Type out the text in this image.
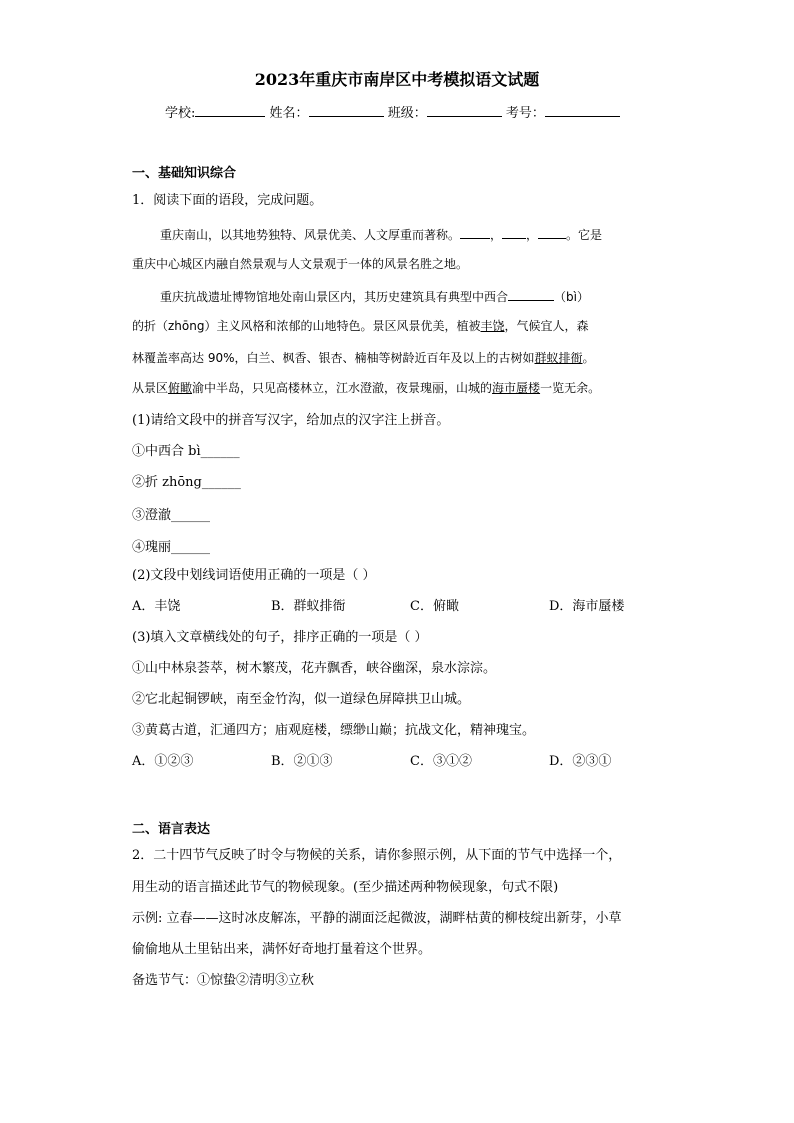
2023年重庆市南岸区中考模拟语文试题
学校:	姓名：	班级：	考号：
一、基础知识综合
1．阅读下面的语段，完成问题。
重庆南山，以其地势独特、风景优美、人文厚重而著称。	， ， 。它是
重庆中心城区内融自然景观与人文景观于一体的风景名胜之地。
重庆抗战遗址博物馆地处南山景区内，其历史建筑具有典型中西合	（bì）
的折（zhōng）主义风格和浓郁的山地特色。景区风景优美，植被丰饶，气候宜人，森
林覆盖率高达 90%，白兰、枫香、银杏、楠柚等树龄近百年及以上的古树如群蚁排衙。
从景区俯瞰渝中半岛，只见高楼林立，江水澄澈，夜景瑰丽，山城的海市蜃楼一览无余。
(1)请给文段中的拼音写汉字，给加点的汉字注上拼音。
①中西合 bì______
②折 zhōng______
③澄澈______
④瑰丽______
(2)文段中划线词语使用正确的一项是（ ）
A．丰饶	B．群蚁排衙	C．俯瞰	D．海市蜃楼
(3)填入文章横线处的句子，排序正确的一项是（ ）
①山中林泉荟萃，树木繁茂，花卉飘香，峡谷幽深，泉水淙淙。
②它北起铜锣峡，南至金竹沟，似一道绿色屏障拱卫山城。
③黄葛古道，汇通四方；庙观庭楼，缥缈山巅；抗战文化，精神瑰宝。
A．①②③	B．②①③	C．③①②	D．②③①
二、语言表达
2．二十四节气反映了时令与物候的关系，请你参照示例，从下面的节气中选择一个，
用生动的语言描述此节气的物候现象。(至少描述两种物候现象，句式不限)
示例: 立春——这时冰皮解冻，平静的湖面泛起微波，湖畔枯黄的柳枝绽出新芽，小草
偷偷地从土里钻出来，满怀好奇地打量着这个世界。
备选节气：①惊蛰②清明③立秋
